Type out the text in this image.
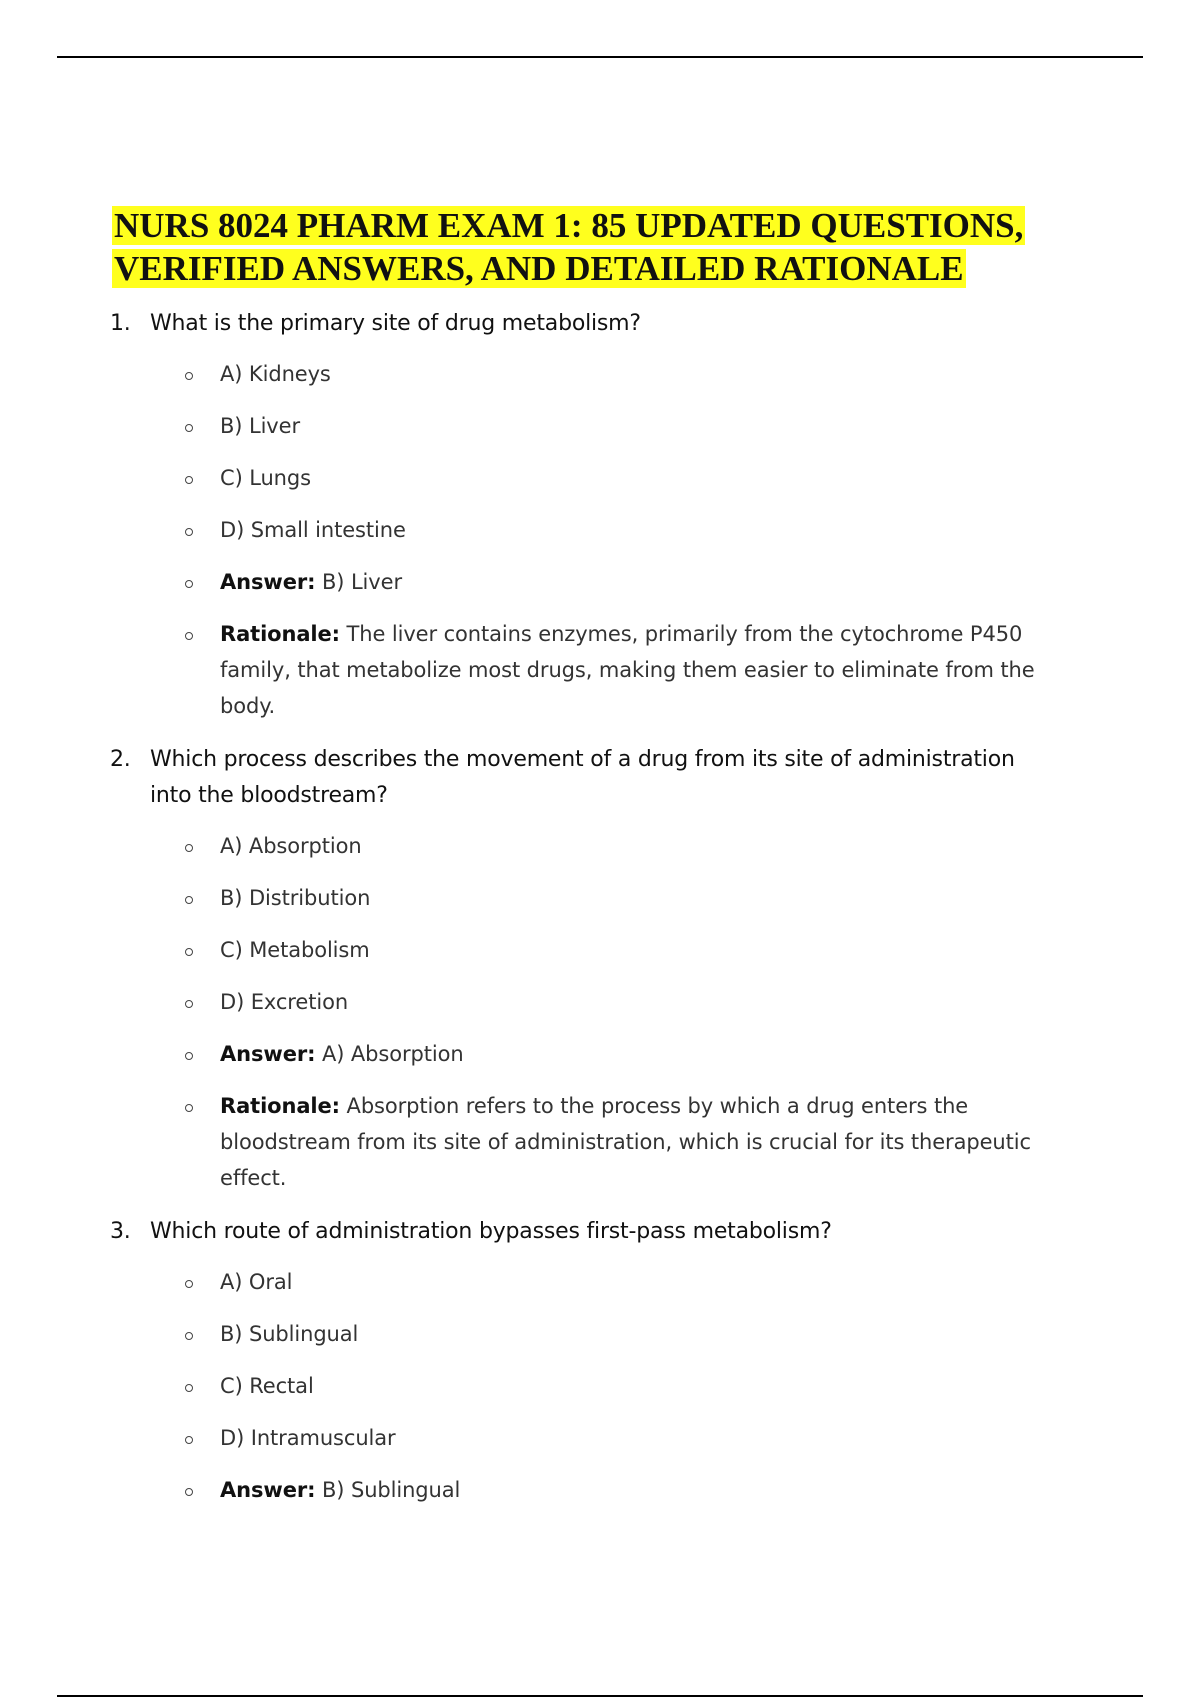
NURS 8024 PHARM EXAM 1: 85 UPDATED QUESTIONS, VERIFIED ANSWERS, AND DETAILED RATIONALE
1. What is the primary site of drug metabolism?
A) Kidneys
B) Liver
C) Lungs
D) Small intestine
Answer: B) Liver
Rationale: The liver contains enzymes, primarily from the cytochrome P450 family, that metabolize most drugs, making them easier to eliminate from the body.
2. Which process describes the movement of a drug from its site of administration into the bloodstream?
A) Absorption
B) Distribution
C) Metabolism
D) Excretion
Answer: A) Absorption
Rationale: Absorption refers to the process by which a drug enters the bloodstream from its site of administration, which is crucial for its therapeutic effect.
3. Which route of administration bypasses first-pass metabolism?
A) Oral
B) Sublingual
C) Rectal
D) Intramuscular
Answer: B) Sublingual
